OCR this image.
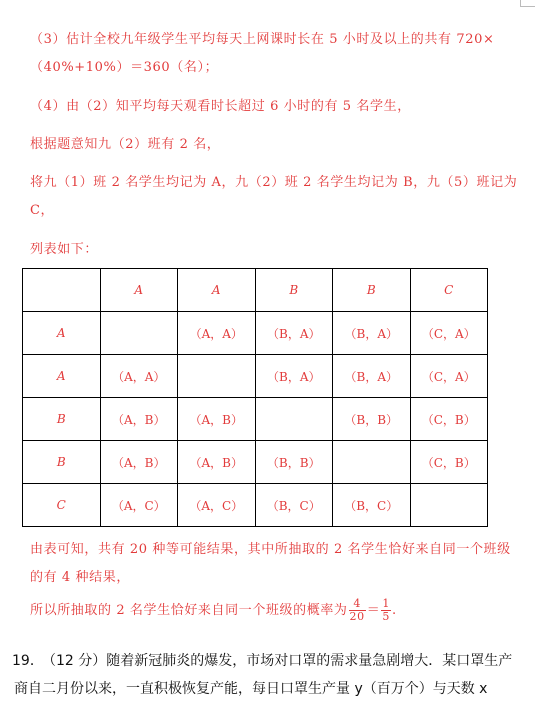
（3）估计全校九年级学生平均每天上网课时长在 5 小时及以上的共有 720×
（40%+10%）＝360（名）；
（4）由（2）知平均每天观看时长超过 6 小时的有 5 名学生，
根据题意知九（2）班有 2 名，
将九（1）班 2 名学生均记为 A，九（2）班 2 名学生均记为 B，九（5）班记为
C，
列表如下：
	A	A	B	B	C
A		（A，A）	（B，A）	（B，A）	（C，A）
A	（A，A）		（B，A）	（B，A）	（C，A）
B	（A，B）	（A，B）		（B，B）	（C，B）
B	（A，B）	（A，B）	（B，B）		（C，B）
C	（A，C）	（A，C）	（B，C）	（B，C）	
由表可知，共有 20 种等可能结果，其中所抽取的 2 名学生恰好来自同一个班级
的有 4 种结果，
所以所抽取的 2 名学生恰好来自同一个班级的概率为 $\frac{4}{20} = \frac{1}{5}$ .
19．
（12 分）随着新冠肺炎的爆发，市场对口罩的需求量急剧增大．某口罩生产
商自二月份以来，一直积极恢复产能，每日口罩生产量 y（百万个）与天数 x
